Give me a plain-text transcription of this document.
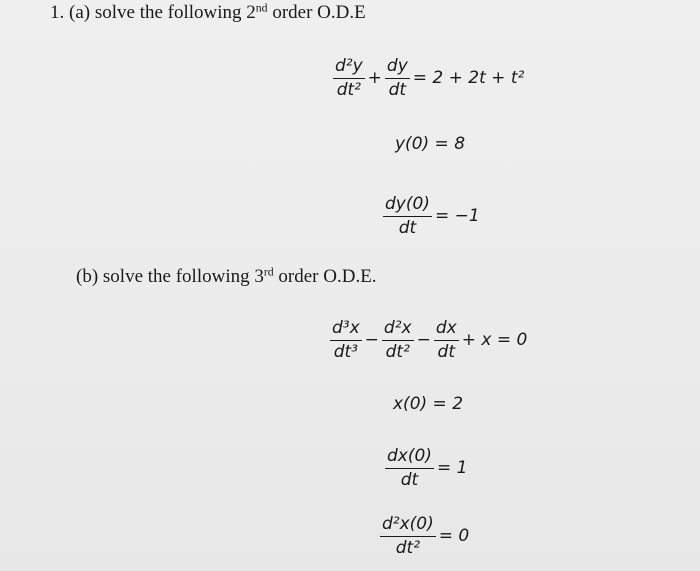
1. (a) solve the following 2nd order O.D.E
$\frac{\text{d²y}}{\text{dt²}} + \frac{dy}{dt} = 2 + 2t + t^2$
y(0) = 8
$\frac{dy(0)}{dt} = -1$
(b) solve the following 3rd order O.D.E.
$\frac{\text{d³x}}{\text{dt³}} - \frac{\text{d²x}}{\text{dt²}} - \frac{dx}{dt} + x = 0$
x(0) = 2
$\frac{dx(0)}{dt} = 1$
$\frac{\text{d²x(0)}}{\text{dt²}} = 0$
